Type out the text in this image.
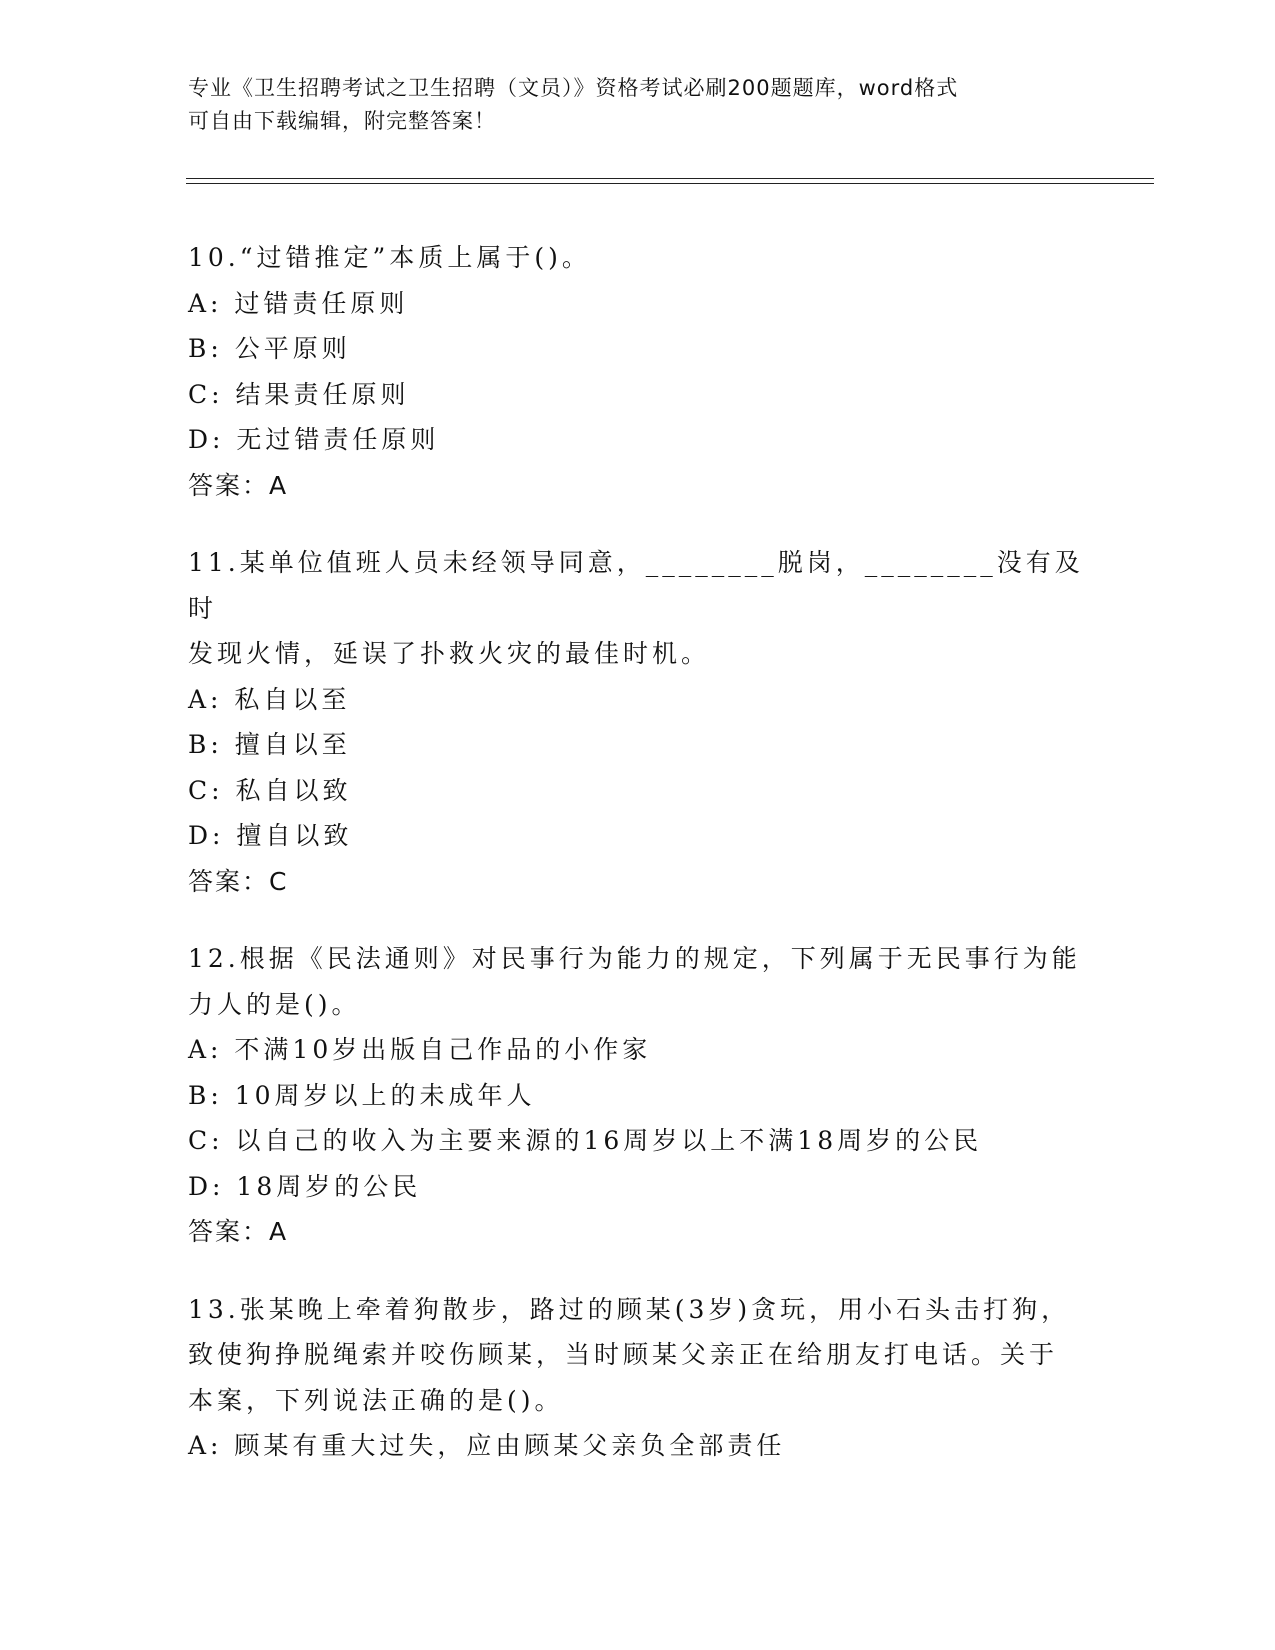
专业《卫生招聘考试之卫生招聘（文员）》资格考试必刷200题题库，word格式
可自由下载编辑，附完整答案！

10.“过错推定”本质上属于()。

A: 过错责任原则

B: 公平原则

C: 结果责任原则

D: 无过错责任原则

答案：A

11.某单位值班人员未经领导同意，________脱岗，________没有及时

发现火情，延误了扑救火灾的最佳时机。

A: 私自以至

B: 擅自以至

C: 私自以致

D: 擅自以致

答案：C

12.根据《民法通则》对民事行为能力的规定，下列属于无民事行为能

力人的是()。

A: 不满10岁出版自己作品的小作家

B: 10周岁以上的未成年人

C: 以自己的收入为主要来源的16周岁以上不满18周岁的公民

D: 18周岁的公民

答案：A

13.张某晚上牵着狗散步，路过的顾某(3岁)贪玩，用小石头击打狗，

致使狗挣脱绳索并咬伤顾某，当时顾某父亲正在给朋友打电话。关于

本案，下列说法正确的是()。

A: 顾某有重大过失，应由顾某父亲负全部责任
